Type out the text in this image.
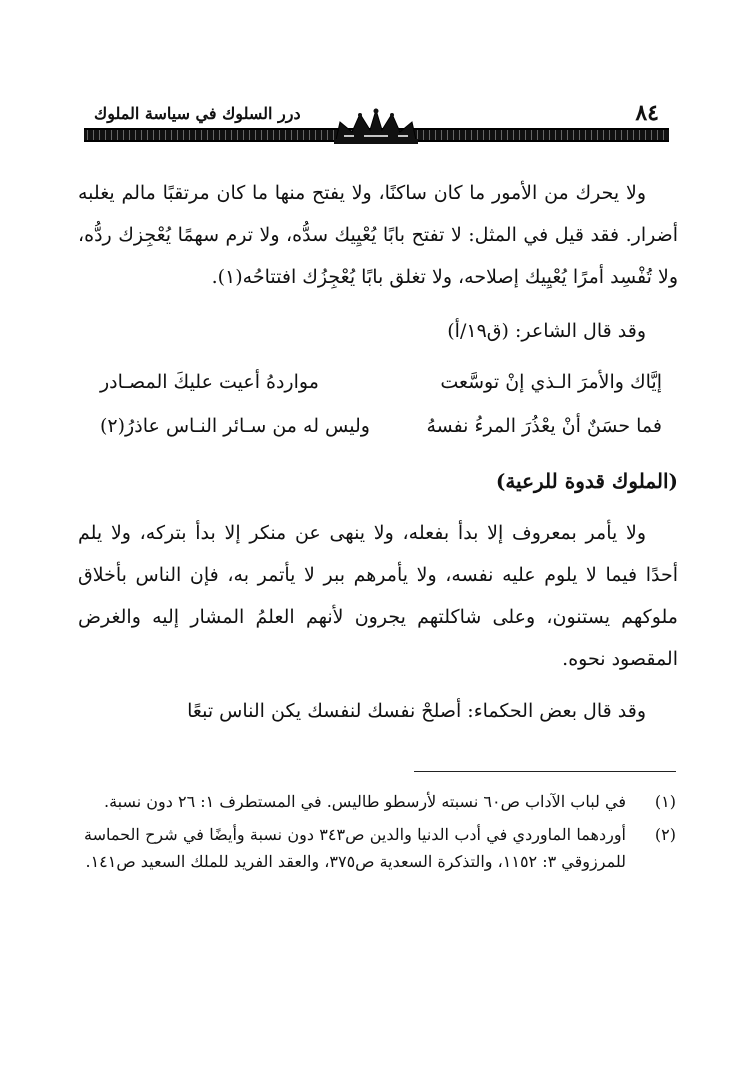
٨٤
درر السلوك في سياسة الملوك

ولا يحرك من الأمور ما كان ساكنًا، ولا يفتح منها ما كان مرتقبًا مالم يغلبه أضرار. فقد قيل في المثل: لا تفتح بابًا يُعْيِيك سدُّه، ولا ترم سهمًا يُعْجِزك ردُّه، ولا تُفْسِد أمرًا يُعْيِيك إصلاحه، ولا تغلق بابًا يُعْجِزُك افتتاحُه(١).

وقد قال الشاعر: (ق١٩/أ)

إيَّاك والأمرَ الـذي إنْ توسَّعت
مواردهُ أعيت عليكَ المصـادر
فما حسَنٌ أنْ يعْذُرَ المرءُ نفسهُ
وليس له من سـائر النـاس عاذرُ(٢)

(الملوك قدوة للرعية)

ولا يأمر بمعروف إلا بدأ بفعله، ولا ينهى عن منكر إلا بدأ بتركه، ولا يلم أحدًا فيما لا يلوم عليه نفسه، ولا يأمرهم ببر لا يأتمر به، فإن الناس بأخلاق ملوكهم يستنون، وعلى شاكلتهم يجرون لأنهم العلمُ المشار إليه والغرض المقصود نحوه.

وقد قال بعض الحكماء: أصلحْ نفسك لنفسك يكن الناس تبعًا

(١)
في لباب الآداب ص٦٠ نسبته لأرسطو طاليس. في المستطرف ١: ٢٦ دون نسبة.
(٢)
أوردهما الماوردي في أدب الدنيا والدين ص٣٤٣ دون نسبة وأيضًا في شرح الحماسة للمرزوقي ٣: ١١٥٢، والتذكرة السعدية ص٣٧٥، والعقد الفريد للملك السعيد ص١٤١.
